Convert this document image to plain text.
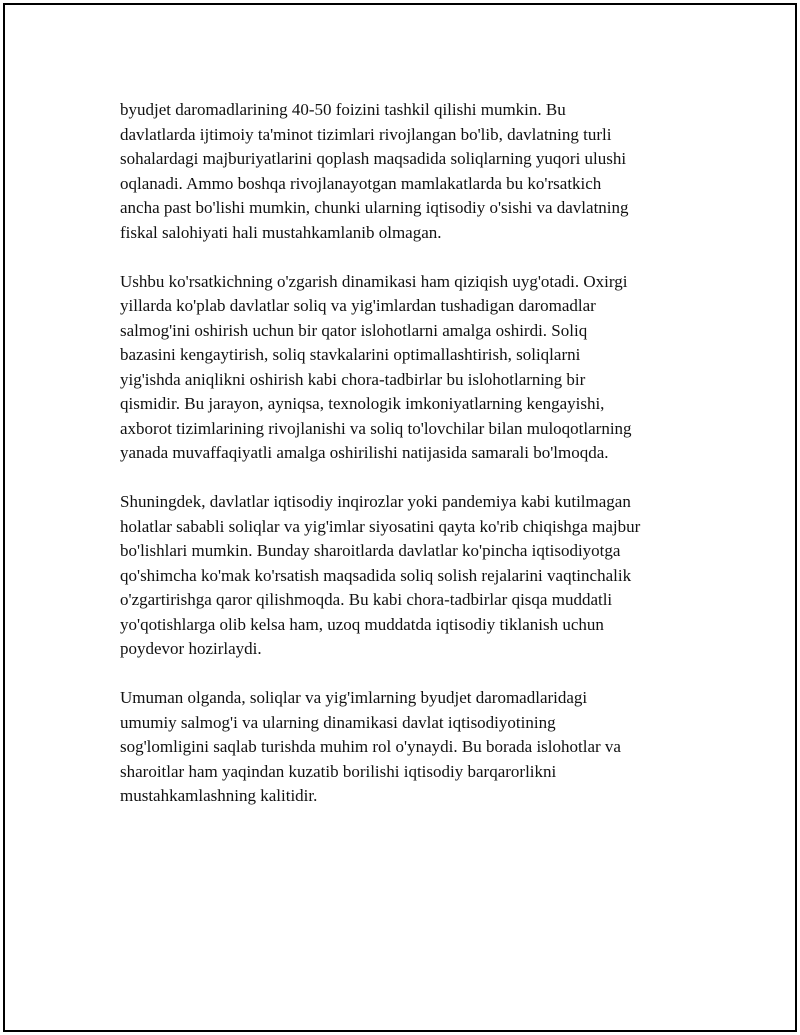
byudjet daromadlarining 40-50 foizini tashkil qilishi mumkin. Bu
davlatlarda ijtimoiy ta'minot tizimlari rivojlangan bo'lib, davlatning turli
sohalardagi majburiyatlarini qoplash maqsadida soliqlarning yuqori ulushi
oqlanadi. Ammo boshqa rivojlanayotgan mamlakatlarda bu ko'rsatkich
ancha past bo'lishi mumkin, chunki ularning iqtisodiy o'sishi va davlatning
fiskal salohiyati hali mustahkamlanib olmagan.

Ushbu ko'rsatkichning o'zgarish dinamikasi ham qiziqish uyg'otadi. Oxirgi
yillarda ko'plab davlatlar soliq va yig'imlardan tushadigan daromadlar
salmog'ini oshirish uchun bir qator islohotlarni amalga oshirdi. Soliq
bazasini kengaytirish, soliq stavkalarini optimallashtirish, soliqlarni
yig'ishda aniqlikni oshirish kabi chora-tadbirlar bu islohotlarning bir
qismidir. Bu jarayon, ayniqsa, texnologik imkoniyatlarning kengayishi,
axborot tizimlarining rivojlanishi va soliq to'lovchilar bilan muloqotlarning
yanada muvaffaqiyatli amalga oshirilishi natijasida samarali bo'lmoqda.

Shuningdek, davlatlar iqtisodiy inqirozlar yoki pandemiya kabi kutilmagan
holatlar sababli soliqlar va yig'imlar siyosatini qayta ko'rib chiqishga majbur
bo'lishlari mumkin. Bunday sharoitlarda davlatlar ko'pincha iqtisodiyotga
qo'shimcha ko'mak ko'rsatish maqsadida soliq solish rejalarini vaqtinchalik
o'zgartirishga qaror qilishmoqda. Bu kabi chora-tadbirlar qisqa muddatli
yo'qotishlarga olib kelsa ham, uzoq muddatda iqtisodiy tiklanish uchun
poydevor hozirlaydi.

Umuman olganda, soliqlar va yig'imlarning byudjet daromadlaridagi
umumiy salmog'i va ularning dinamikasi davlat iqtisodiyotining
sog'lomligini saqlab turishda muhim rol o'ynaydi. Bu borada islohotlar va
sharoitlar ham yaqindan kuzatib borilishi iqtisodiy barqarorlikni
mustahkamlashning kalitidir.
